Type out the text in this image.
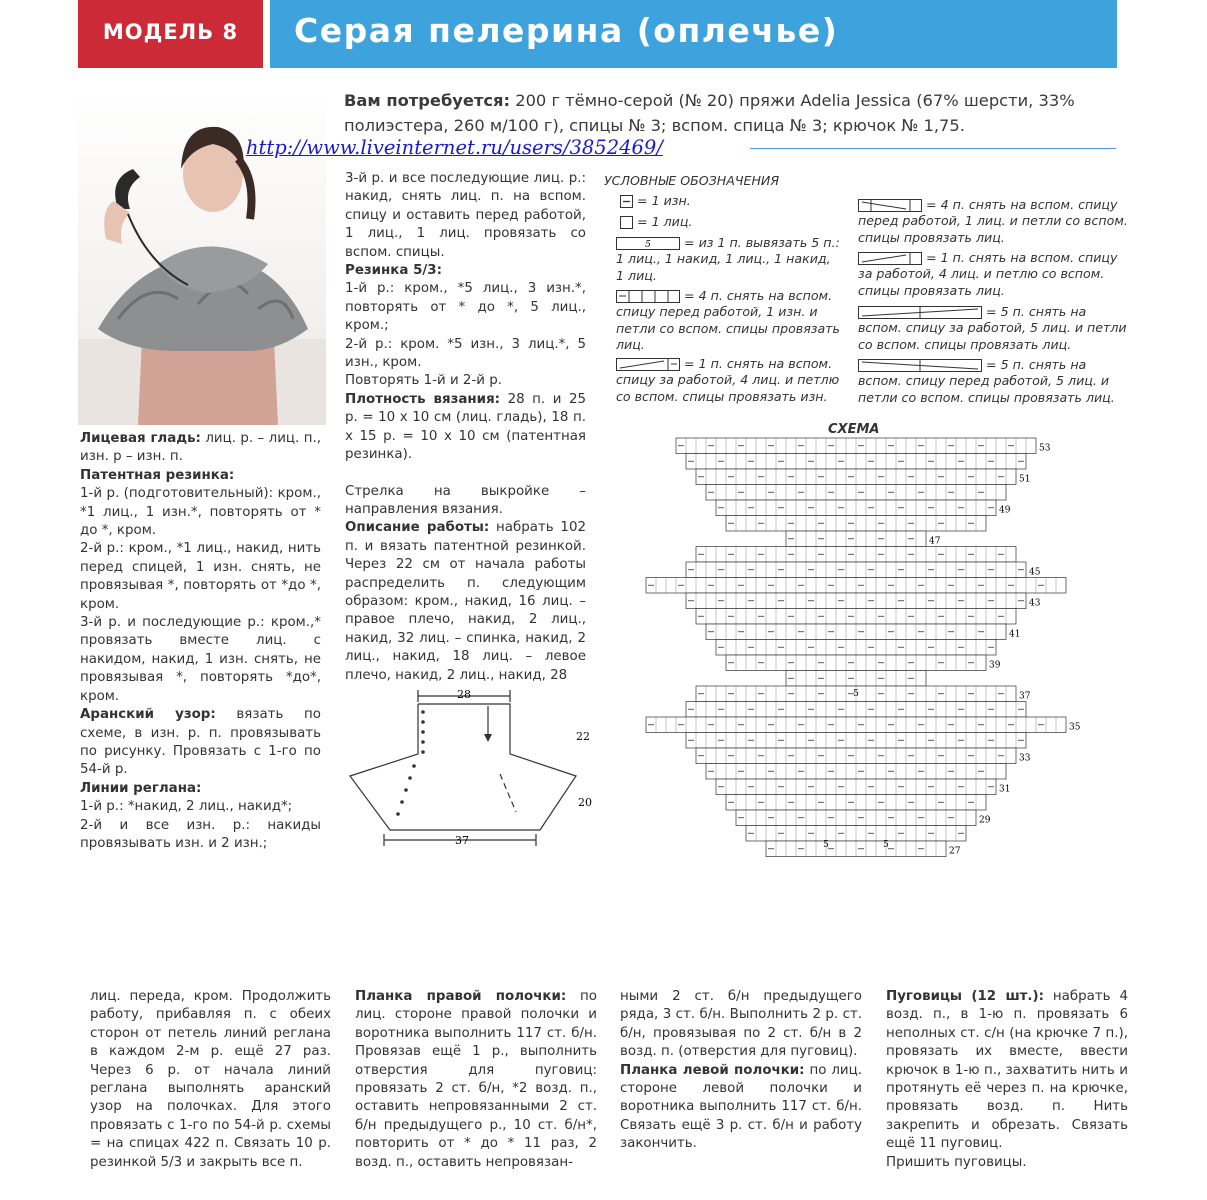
МОДЕЛЬ 8	Серая пелерина (оплечье)
Вам потребуется: 200 г тёмно-серой (№ 20) пряжи Adelia Jessica (67% шерсти, 33% полиэстера, 260 м/100 г), спицы № 3; вспом. спица № 3; крючок № 1,75.
http://www.liveinternet.ru/users/3852469/

Лицевая гладь: лиц. р. – лиц. п., изн. р – изн. п.

Патентная резинка:

1-й р. (подготовительный): кром., *1 лиц., 1 изн.*, повторять от * до *, кром.

2-й р.: кром., *1 лиц., накид, нить перед спицей, 1 изн. снять, не провязывая *, повторять от *до *, кром.

3-й р. и последующие р.: кром.,* провязать вместе лиц. с накидом, накид, 1 изн. снять, не провязывая *, повторять *до*, кром.

Аранский узор: вязать по схеме, в изн. р. п. провязывать по рисунку. Провязать с 1-го по 54-й р.

Линии реглана:

1-й р.: *накид, 2 лиц., накид*;

2-й и все изн. р.: накиды провязывать изн. и 2 изн.;

3-й р. и все последующие лиц. р.: накид, снять лиц. п. на вспом. спицу и оставить перед работой, 1 лиц., 1 лиц. провязать со вспом. спицы.

Резинка 5/3:

1-й р.: кром., *5 лиц., 3 изн.*, повторять от * до *, 5 лиц., кром.;

2-й р.: кром. *5 изн., 3 лиц.*, 5 изн., кром.

Повторять 1-й и 2-й р.

Плотность вязания: 28 п. и 25 р. = 10 х 10 см (лиц. гладь), 18 п. х 15 р. = 10 х 10 см (патентная резинка).

Стрелка на выкройке – направления вязания.

Описание работы: набрать 102 п. и вязать патентной резинкой. Через 22 см от начала работы распределить п. следующим образом: кром., накид, 16 лиц. – правое плечо, накид, 2 лиц., накид, 32 лиц. – спинка, накид, 2 лиц., накид, 18 лиц. – левое плечо, накид, 2 лиц., накид, 28

28
22
20
37
УСЛОВНЫЕ ОБОЗНАЧЕНИЯ
= 1 изн.
= 1 лиц.
5	= из 1 п. вывязать 5 п.: 1 лиц., 1 накид, 1 лиц., 1 накид, 1 лиц.
= 4 п. снять на вспом. спицу перед работой, 1 изн. и петли со вспом. спицы провязать лиц.
= 1 п. снять на вспом. спицу за работой, 4 лиц. и петлю со вспом. спицы провязать изн.
= 4 п. снять на вспом. спицу перед работой, 1 лиц. и петли со вспом. спицы провязать лиц.
= 1 п. снять на вспом. спицу за работой, 4 лиц. и петлю со вспом. спицы провязать лиц.
= 5 п. снять на вспом. спицу за работой, 5 лиц. и петли со вспом. спицы провязать лиц.
= 5 п. снять на вспом. спицу перед работой, 5 лиц. и петли со вспом. спицы провязать лиц.
СХЕМА
53
51
49
47
45
43
41
39
37
35
33
31
29
27
5	5
5

лиц. переда, кром. Продолжить работу, прибавляя п. с обеих сторон от петель линий реглана в каждом 2-м р. ещё 27 раз. Через 6 р. от начала линий реглана выполнять аранский узор на полочках. Для этого провязать с 1-го по 54-й р. схемы = на спицах 422 п. Связать 10 р. резинкой 5/3 и закрыть все п.

Планка правой полочки: по лиц. стороне правой полочки и воротника выполнить 117 ст. б/н. Провязав ещё 1 р., выполнить отверстия для пуговиц: провязать 2 ст. б/н, *2 возд. п., оставить непровязанными 2 ст. б/н предыдущего р., 10 ст. б/н*, повторить от * до * 11 раз, 2 возд. п., оставить непровязан-

ными 2 ст. б/н предыдущего ряда, 3 ст. б/н. Выполнить 2 р. ст. б/н, провязывая по 2 ст. б/н в 2 возд. п. (отверстия для пуговиц).

Планка левой полочки: по лиц. стороне левой полочки и воротника выполнить 117 ст. б/н. Связать ещё 3 р. ст. б/н и работу закончить.

Пуговицы (12 шт.): набрать 4 возд. п., в 1-ю п. провязать 6 неполных ст. с/н (на крючке 7 п.), провязать их вместе, ввести крючок в 1-ю п., захватить нить и протянуть её через п. на крючке, провязать возд. п. Нить закрепить и обрезать. Связать ещё 11 пуговиц.

Пришить пуговицы.
